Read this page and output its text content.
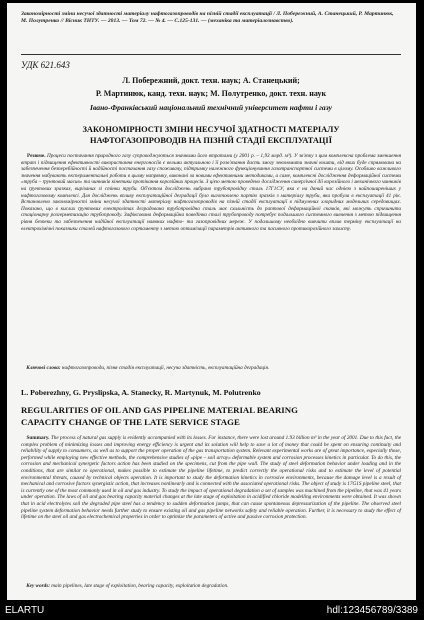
Закономірності зміни несучої здатності матеріалу нафтогазопроводів на пізній стадії експлуатації / Л. Побережний, А. Станецький, Р. Мартинюк, М. Полутренко // Вісник ТНТУ. — 2013. — Том 72. — № 4. — С.125-131. — (механіка та матеріалознавство).
УДК 621.643
Л. Побережний, докт. техн. наук; А. Станецький;
Р. Мартинюк, канд. техн. наук; М. Полутренко, докт. техн. наук
Івано-Франківський національний технічний університет нафти і газу
ЗАКОНОМІРНОСТІ ЗМІНИ НЕСУЧОЇ ЗДАТНОСТІ МАТЕРІАЛУ
НАФТОГАЗОПРОВОДІВ НА ПІЗНІЙ СТАДІЇ ЕКСПЛУАТАЦІЇ
Резюме. Процеси постачання природного газу супроводжуються значними його втратами (у 2001 р. – 1,93 млрд. м³). У зв'язку з цим комплексна проблема зменшення втрат і підвищення ефективності використання енергоносіїв є вельми актуальною і її розв'язання дасть змогу зекономити значні кошти, від яких буде спрямована на забезпечення безперебійності й надійності постачання газу споживачу, підтримку належного функціонування газотранспортної системи в цілому. Особливо важливого значення набувають експериментальні роботи в цьому напрямку, виконані за новими ефективними методиками, а саме, комплексні дослідження деформаційної системи «труба – ґрунтовий масив» та чинників кінетики протікання корозійних процесів. З цією метою проведено дослідження синергічної дії корозійного і механічного чинників на ґрунтових зразках, вирізаних зі стінки труби. Об'єктом досліджень вибрано трубопровідну сталь 17Г1СУ, яка є на даний час однією з найпоширеніших у нафтогазовому комплексі. Для досліджень впливу експлуатаційної деградації було виготовлено партію зразків з матеріалу труби, яка пробула в експлуатації 41 рік. Встановлено закономірності зміни несучої здатності матеріалу нафтогазопроводів на пізній стадії експлуатації в підмулених хлоридних модельних середовищах. Показано, що в кислих ґрунтових електролітах деградована трубопровідна сталь має схильність до раптової деформаційної скачків, які можуть спричинити стаціонарну розгерметизацію трубопроводу. Зафіксована деформаційна поведінка сталі трубопроводу потребує подальшого системного вивчення з метою підвищення рівня безпеки та забезпечення надійної експлуатації наявних нафто- та газопровідних мереж. У подальшому необхідно вивчити вплив терміну експлуатації на електрохімічні показники сталей нафтогазового сортаменту з метою оптимізації параметрів активного та пасивного протикорозійного захисту.
Ключові слова: нафтогазопроводи, пізня стадія експлуатації, несуча здатність, експлуатаційна деградація.
L. Poberezhny, G. Pryslipska, A. Stanecky, R. Martynuk, M. Polutrenko
REGULARITIES OF OIL AND GAS PIPELINE MATERIAL BEARING
CAPACITY CHANGE OF THE LATE SERVICE STAGE
Summary. The process of natural gas supply is evidently accompanied with its losses. For instance, there were lost around 1.93 billion m³ in the year of 2001. Due to this fact, the complex problem of minimizing losses and improving energy efficiency is urgent and its solution will help to save a lot of money that could be spent on ensuring continuity and reliability of supply to consumers, as well as to support the proper operation of the gas transportation system. Relevant experimental works are of great importance, especially those, performed while employing new effective methods, the comprehensive studies of «pipe – soil array» deformable system and corrosion processes kinetics in particular. To do this, the corrosion and mechanical synergetic factors action has been studied on the specimens, cut from the pipe wall. The study of steel deformation behavior under loading and in the conditions, that are similar to operational, makes possible to estimate the pipeline lifetime, to predict correctly the operational risks and to estimate the level of potential environmental threats, caused by technical objects operation. It is important to study the deformation kinetics in corrosive environments, because the damage level is a result of mechanical and corrosive factors synergistic action, that increases nonlinearly and is connected with the associated operational risks. The object of study is 17G1S pipeline steel, that is currently one of the most commonly used in oil and gas industry. To study the impact of operational degradation a set of samples was machined from the pipeline, that was 41 years under operation. The laws of oil and gas bearing capacity material changes at the late stage of exploitation in acidified chloride modelling environments were obtained. It was shown that in acid electrolytes soil the degraded pipe steel has a tendency to sudden deformation jumps, that can cause spontaneous depressurization of the pipeline. The observed steel pipeline system deformation behavior needs further study to ensure existing oil and gas pipeline networks safety and reliable operation. Further, it is necessary to study the effect of lifetime on the steel oil and gas electrochemical properties in order to optimize the parameters of active and passive corrosion protection.
Key words: main pipelines, late stage of exploitation, bearing capacity, exploitation degradation.
ELARTU	hdl:123456789/3389
